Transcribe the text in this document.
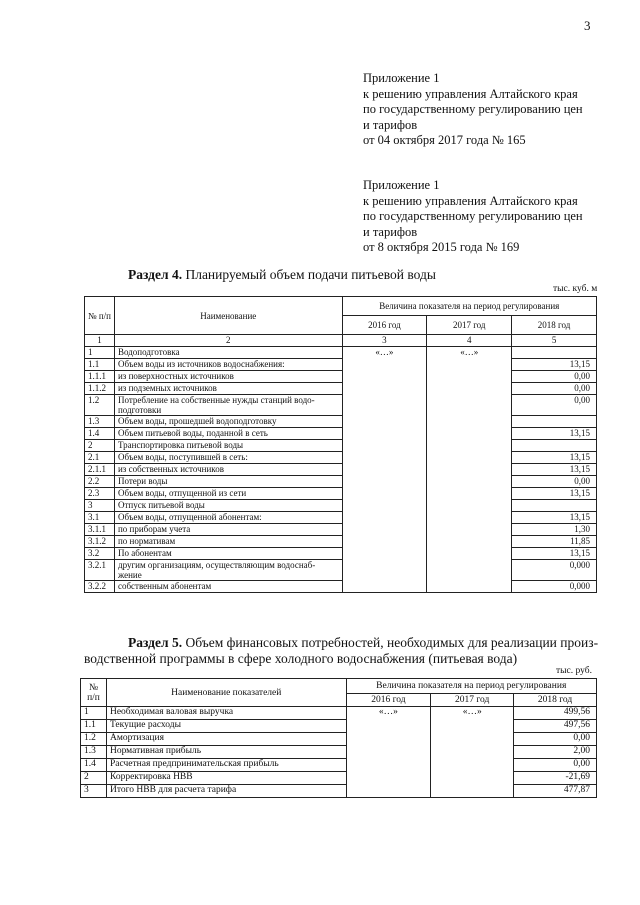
3
Приложение 1
к решению управления Алтайского края
по государственному регулированию цен
и тарифов
от 04 октября 2017 года № 165
Приложение 1
к решению управления Алтайского края
по государственному регулированию цен
и тарифов
от 8 октября 2015 года № 169
Раздел 4. Планируемый объем подачи питьевой воды
тыс. куб. м
№ п/п	Наименование	Величина показателя на период регулирования		
		2016 год	2017 год	2018 год
1	2	3	4	5
1	Водоподготовка	«…»	«…»	
1.1	Объем воды из источников водоснабжения:			13,15
1.1.1	из поверхностных источников			0,00
1.1.2	из подземных источников			0,00
1.2	Потребление на собственные нужды станций водо-подготовки			0,00
1.3	Объем воды, прошедшей водоподготовку			
1.4	Объем питьевой воды, поданной в сеть			13,15
2	Транспортировка питьевой воды			
2.1	Объем воды, поступившей в сеть:			13,15
2.1.1	из собственных источников			13,15
2.2	Потери воды			0,00
2.3	Объем воды, отпущенной из сети			13,15
3	Отпуск питьевой воды			
3.1	Объем воды, отпущенной абонентам:			13,15
3.1.1	по приборам учета			1,30
3.1.2	по нормативам			11,85
3.2	По абонентам			13,15
3.2.1	другим организациям, осуществляющим водоснаб-жение			0,000
3.2.2	собственным абонентам			0,000
Раздел 5. Объем финансовых потребностей, необходимых для реализации произ-
водственной программы в сфере холодного водоснабжения (питьевая вода)
тыс. руб.
№ п/п	Наименование показателей	Величина показателя на период регулирования		
		2016 год	2017 год	2018 год
1	Необходимая валовая выручка	«…»	«…»	499,56
1.1	Текущие расходы			497,56
1.2	Амортизация			0,00
1.3	Нормативная прибыль			2,00
1.4	Расчетная предпринимательская прибыль			0,00
2	Корректировка НВВ			-21,69
3	Итого НВВ для расчета тарифа			477,87
